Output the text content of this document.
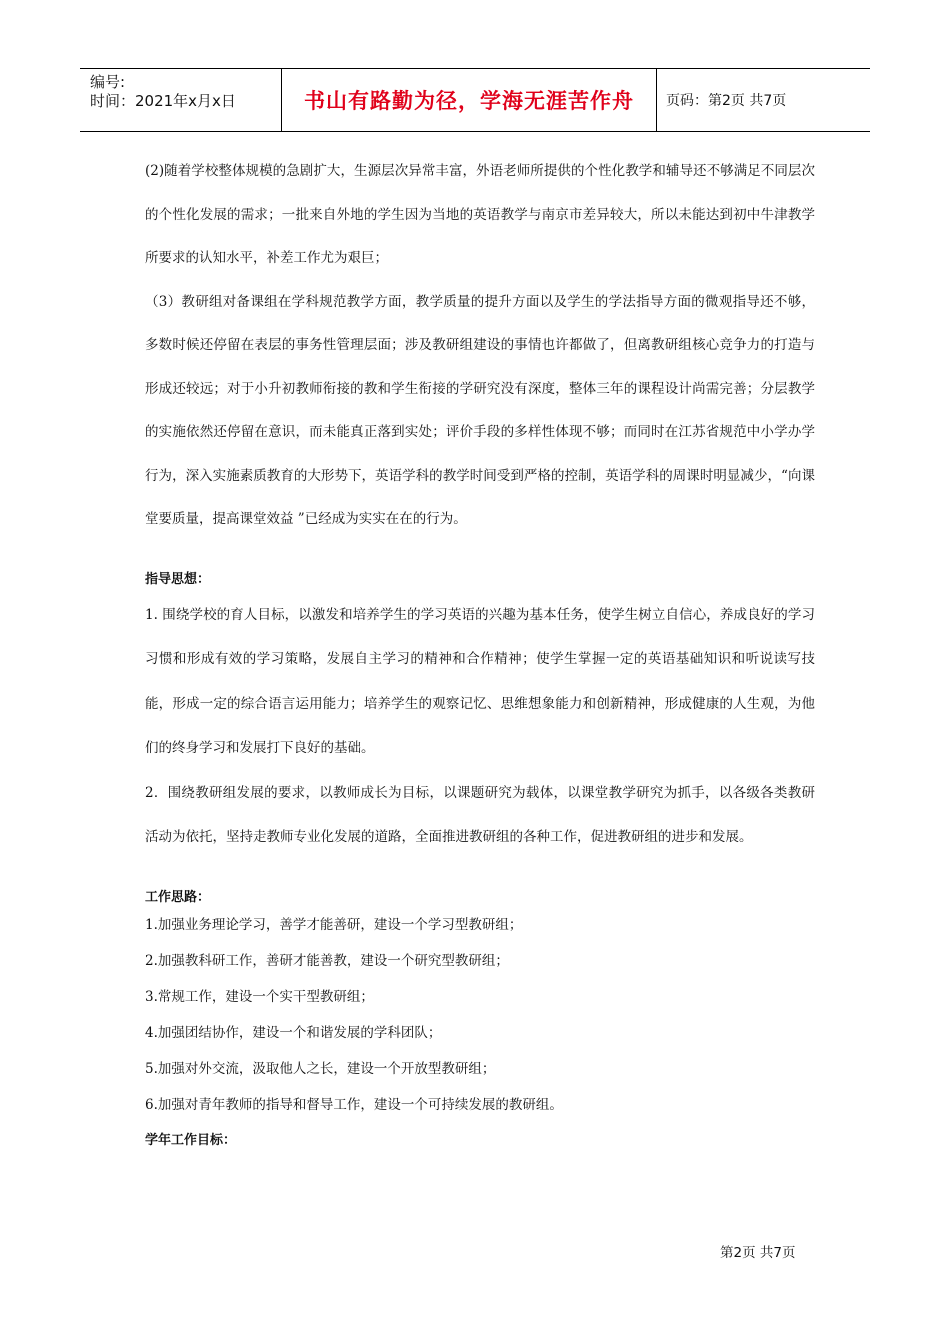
编号:
时间：2021年x月x日	书山有路勤为径，学海无涯苦作舟	页码：第2页 共7页

(2)随着学校整体规模的急剧扩大，生源层次异常丰富，外语老师所提供的个性化教学和辅导还不够满足不同层次的个性化发展的需求；一批来自外地的学生因为当地的英语教学与南京市差异较大，所以未能达到初中牛津教学所要求的认知水平，补差工作尤为艰巨；

（3）教研组对备课组在学科规范教学方面，教学质量的提升方面以及学生的学法指导方面的微观指导还不够，多数时候还停留在表层的事务性管理层面；涉及教研组建设的事情也许都做了，但离教研组核心竞争力的打造与形成还较远；对于小升初教师衔接的教和学生衔接的学研究没有深度，整体三年的课程设计尚需完善；分层教学的实施依然还停留在意识，而未能真正落到实处；评价手段的多样性体现不够；而同时在江苏省规范中小学办学行为，深入实施素质教育的大形势下，英语学科的教学时间受到严格的控制，英语学科的周课时明显减少，“向课堂要质量，提高课堂效益 ”已经成为实实在在的行为。

指导思想：

1. 围绕学校的育人目标，以激发和培养学生的学习英语的兴趣为基本任务，使学生树立自信心，养成良好的学习习惯和形成有效的学习策略，发展自主学习的精神和合作精神；使学生掌握一定的英语基础知识和听说读写技能，形成一定的综合语言运用能力；培养学生的观察记忆、思维想象能力和创新精神，形成健康的人生观，为他们的终身学习和发展打下良好的基础。

2．围绕教研组发展的要求，以教师成长为目标，以课题研究为载体，以课堂教学研究为抓手，以各级各类教研活动为依托，坚持走教师专业化发展的道路，全面推进教研组的各种工作，促进教研组的进步和发展。

工作思路：

1.加强业务理论学习，善学才能善研，建设一个学习型教研组；

2.加强教科研工作，善研才能善教，建设一个研究型教研组；

3.常规工作，建设一个实干型教研组；

4.加强团结协作，建设一个和谐发展的学科团队；

5.加强对外交流，汲取他人之长，建设一个开放型教研组；

6.加强对青年教师的指导和督导工作，建设一个可持续发展的教研组。

学年工作目标：

第2页 共7页
